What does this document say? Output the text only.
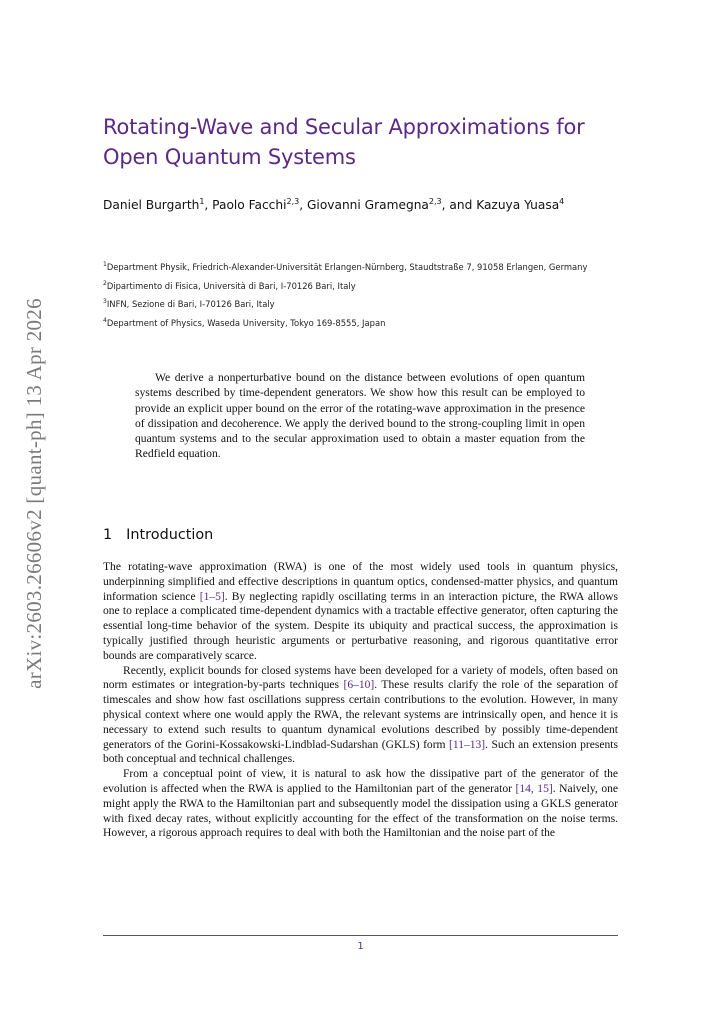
arXiv:2603.26606v2 [quant-ph] 13 Apr 2026
Rotating-Wave and Secular Approximations for Open Quantum Systems
Daniel Burgarth$^1$, Paolo Facchi$^{2,3}$, Giovanni Gramegna$^{2,3}$, and Kazuya Yuasa$^4$
$^1$Department Physik, Friedrich-Alexander-Universität Erlangen-Nürnberg, Staudtstraße 7, 91058 Erlangen, Germany
$^2$Dipartimento di Fisica, Università di Bari, I-70126 Bari, Italy
$^3$INFN, Sezione di Bari, I-70126 Bari, Italy
$^4$Department of Physics, Waseda University, Tokyo 169-8555, Japan
We derive a nonperturbative bound on the distance between evolutions of open quantum systems described by time-dependent generators. We show how this result can be employed to provide an explicit upper bound on the error of the rotating-wave approximation in the presence of dissipation and decoherence. We apply the derived bound to the strong-coupling limit in open quantum systems and to the secular approximation used to obtain a master equation from the Redfield equation.
1 Introduction

The rotating-wave approximation (RWA) is one of the most widely used tools in quantum physics, underpinning simplified and effective descriptions in quantum optics, condensed-matter physics, and quantum information science [1–5]. By neglecting rapidly oscillating terms in an interaction picture, the RWA allows one to replace a complicated time-dependent dynamics with a tractable effective generator, often capturing the essential long-time behavior of the system. Despite its ubiquity and practical success, the approximation is typically justified through heuristic arguments or perturbative reasoning, and rigorous quantitative error bounds are comparatively scarce.

Recently, explicit bounds for closed systems have been developed for a variety of models, often based on norm estimates or integration-by-parts techniques [6–10]. These results clarify the role of the separation of timescales and show how fast oscillations suppress certain contributions to the evolution. However, in many physical context where one would apply the RWA, the relevant systems are intrinsically open, and hence it is necessary to extend such results to quantum dynamical evolutions described by possibly time-dependent generators of the Gorini-Kossakowski-Lindblad-Sudarshan (GKLS) form [11–13]. Such an extension presents both conceptual and technical challenges.

From a conceptual point of view, it is natural to ask how the dissipative part of the generator of the evolution is affected when the RWA is applied to the Hamiltonian part of the generator [14, 15]. Naively, one might apply the RWA to the Hamiltonian part and subsequently model the dissipation using a GKLS generator with fixed decay rates, without explicitly accounting for the effect of the transformation on the noise terms. However, a rigorous approach requires to deal with both the Hamiltonian and the noise part of the

1
